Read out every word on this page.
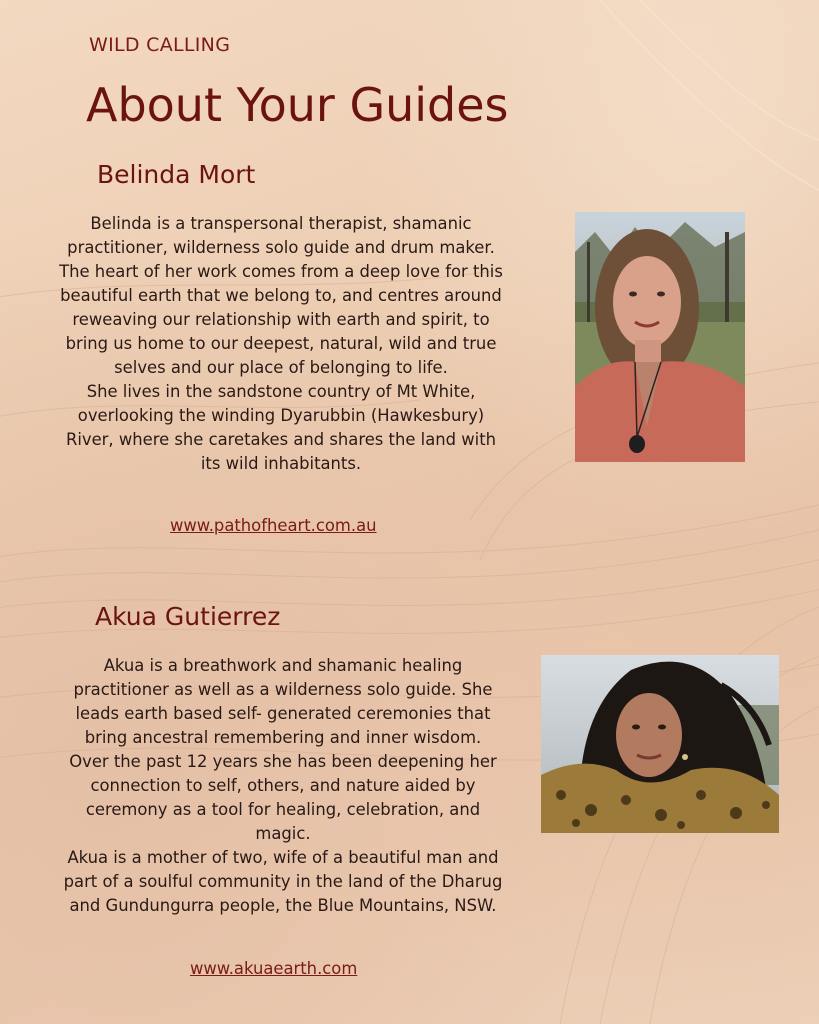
WILD CALLING
About Your Guides
Belinda Mort

Belinda is a transpersonal therapist, shamanic practitioner, wilderness solo guide and drum maker.

The heart of her work comes from a deep love for this beautiful earth that we belong to, and centres around reweaving our relationship with earth and spirit, to bring us home to our deepest, natural, wild and true selves and our place of belonging to life.

She lives in the sandstone country of Mt White, overlooking the winding Dyarubbin (Hawkesbury) River, where she caretakes and shares the land with its wild inhabitants.

www.pathofheart.com.au
Akua Gutierrez

Akua is a breathwork and shamanic healing practitioner as well as a wilderness solo guide. She leads earth based self- generated ceremonies that bring ancestral remembering and inner wisdom.

Over the past 12 years she has been deepening her connection to self, others, and nature aided by ceremony as a tool for healing, celebration, and magic.

Akua is a mother of two, wife of a beautiful man and part of a soulful community in the land of the Dharug and Gundungurra people, the Blue Mountains, NSW.

www.akuaearth.com
